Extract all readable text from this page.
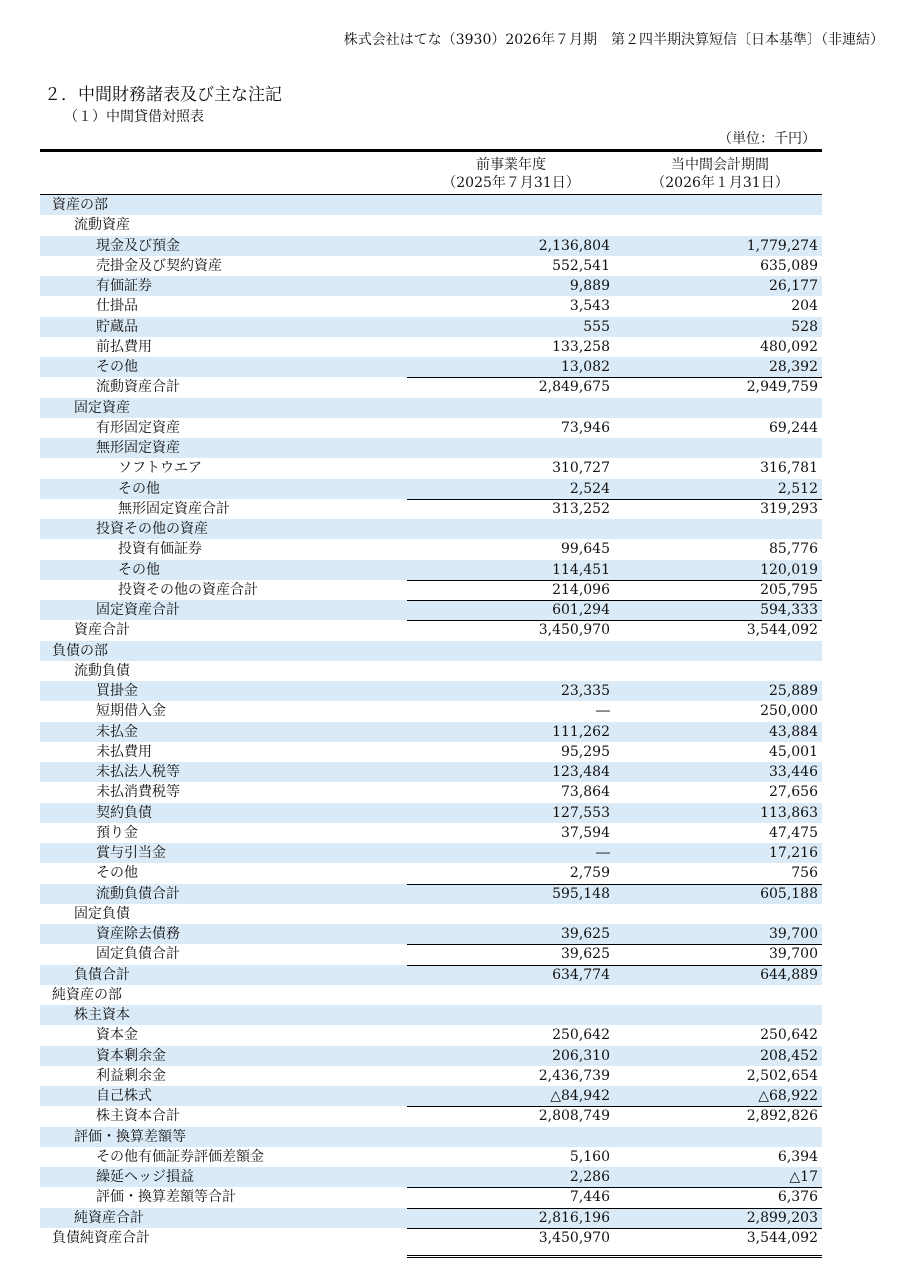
株式会社はてな（3930）2026年７月期　第２四半期決算短信〔日本基準〕（非連結）
２．中間財務諸表及び主な注記
（１）中間貸借対照表
（単位：千円）
前事業年度
（2025年７月31日）
当中間会計期間
（2026年１月31日）
資産の部
流動資産
現金及び預金	2,136,804	1,779,274
売掛金及び契約資産	552,541	635,089
有価証券	9,889	26,177
仕掛品	3,543	204
貯蔵品	555	528
前払費用	133,258	480,092
その他	13,082	28,392
流動資産合計	2,849,675	2,949,759
固定資産
有形固定資産	73,946	69,244
無形固定資産
ソフトウエア	310,727	316,781
その他	2,524	2,512
無形固定資産合計	313,252	319,293
投資その他の資産
投資有価証券	99,645	85,776
その他	114,451	120,019
投資その他の資産合計	214,096	205,795
固定資産合計	601,294	594,333
資産合計	3,450,970	3,544,092
負債の部
流動負債
買掛金	23,335	25,889
短期借入金	―	250,000
未払金	111,262	43,884
未払費用	95,295	45,001
未払法人税等	123,484	33,446
未払消費税等	73,864	27,656
契約負債	127,553	113,863
預り金	37,594	47,475
賞与引当金	―	17,216
その他	2,759	756
流動負債合計	595,148	605,188
固定負債
資産除去債務	39,625	39,700
固定負債合計	39,625	39,700
負債合計	634,774	644,889
純資産の部
株主資本
資本金	250,642	250,642
資本剰余金	206,310	208,452
利益剰余金	2,436,739	2,502,654
自己株式	△84,942	△68,922
株主資本合計	2,808,749	2,892,826
評価・換算差額等
その他有価証券評価差額金	5,160	6,394
繰延ヘッジ損益	2,286	△17
評価・換算差額等合計	7,446	6,376
純資産合計	2,816,196	2,899,203
負債純資産合計	3,450,970	3,544,092
